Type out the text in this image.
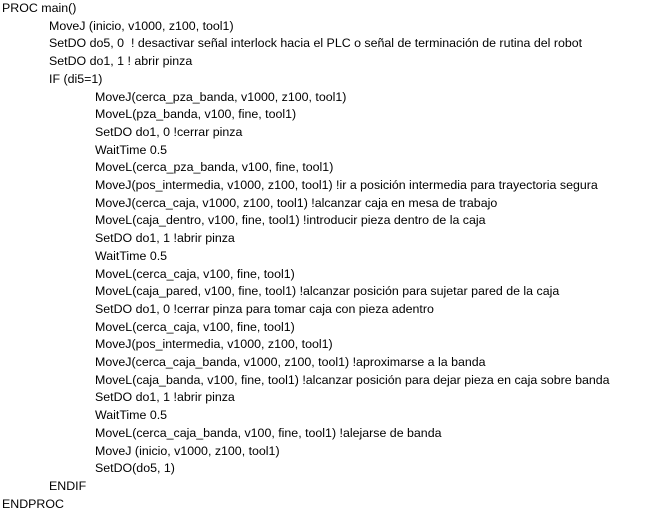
PROC main()
MoveJ (inicio, v1000, z100, tool1)
SetDO do5, 0  ! desactivar señal interlock hacia el PLC o señal de terminación de rutina del robot
SetDO do1, 1 ! abrir pinza
IF (di5=1)
MoveJ(cerca_pza_banda, v1000, z100, tool1)
MoveL(pza_banda, v100, fine, tool1)
SetDO do1, 0 !cerrar pinza
WaitTime 0.5
MoveL(cerca_pza_banda, v100, fine, tool1)
MoveJ(pos_intermedia, v1000, z100, tool1) !ir a posición intermedia para trayectoria segura
MoveJ(cerca_caja, v1000, z100, tool1) !alcanzar caja en mesa de trabajo
MoveL(caja_dentro, v100, fine, tool1) !introducir pieza dentro de la caja
SetDO do1, 1 !abrir pinza
WaitTime 0.5
MoveL(cerca_caja, v100, fine, tool1)
MoveL(caja_pared, v100, fine, tool1) !alcanzar posición para sujetar pared de la caja
SetDO do1, 0 !cerrar pinza para tomar caja con pieza adentro
MoveL(cerca_caja, v100, fine, tool1)
MoveJ(pos_intermedia, v1000, z100, tool1)
MoveJ(cerca_caja_banda, v1000, z100, tool1) !aproximarse a la banda
MoveL(caja_banda, v100, fine, tool1) !alcanzar posición para dejar pieza en caja sobre banda
SetDO do1, 1 !abrir pinza
WaitTime 0.5
MoveL(cerca_caja_banda, v100, fine, tool1) !alejarse de banda
MoveJ (inicio, v1000, z100, tool1)
SetDO(do5, 1)
ENDIF
ENDPROC
